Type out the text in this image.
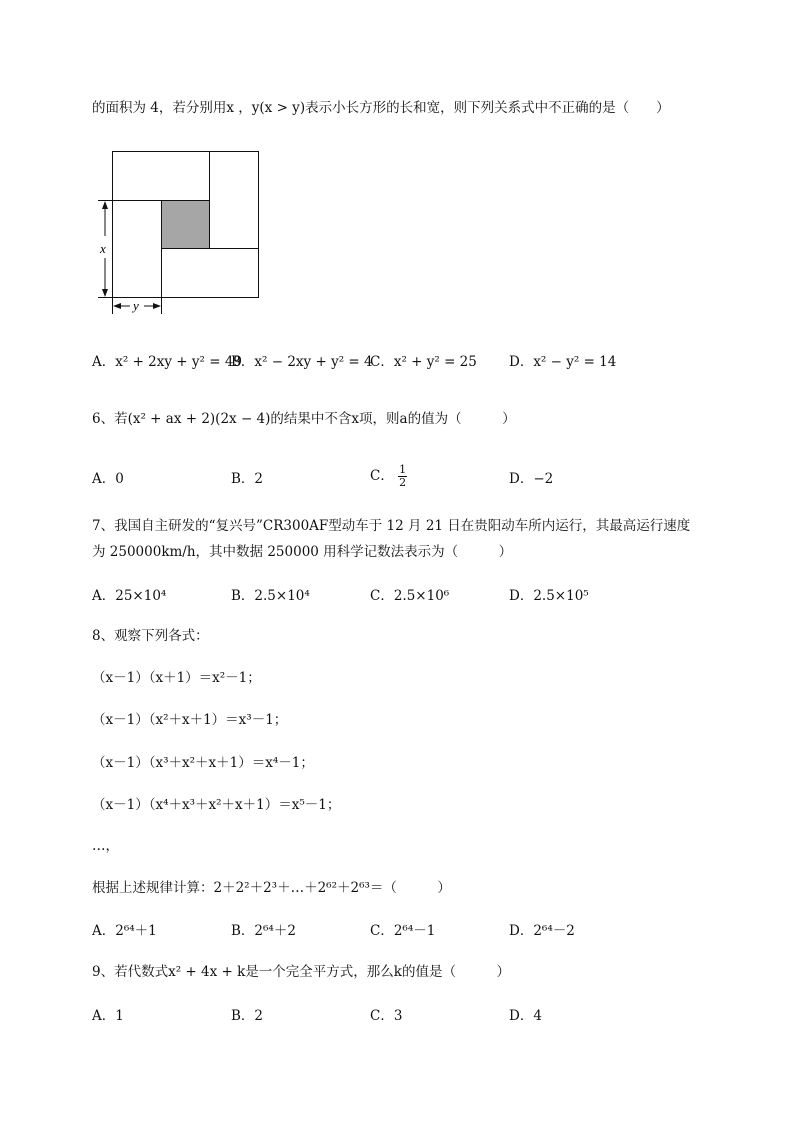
的面积为 4，若分别用x ，y(x > y)表示小长方形的长和宽，则下列关系式中不正确的是（　　）
x
y
A．x² + 2xy + y² = 49
B．x² − 2xy + y² = 4
C．x² + y² = 25 D．x² − y² = 14
6、若(x² + ax + 2)(2x − 4)的结果中不含x项，则a的值为（　　　）
A．0	B．2	C． $\frac{1}{2}$	D．−2
7、我国自主研发的“复兴号”CR300AF型动车于 12 月 21 日在贵阳动车所内运行，其最高运行速度
为 250000km/h，其中数据 250000 用科学记数法表示为（　　　）
A．25×10⁴	B．2.5×10⁴	C．2.5×10⁶	D．2.5×10⁵
8、观察下列各式：
（x－1）（x＋1）＝x²－1；
（x－1）（x²＋x＋1）＝x³－1；
（x－1）（x³＋x²＋x＋1）＝x⁴－1；
（x－1）（x⁴＋x³＋x²＋x＋1）＝x⁵－1；
…，
根据上述规律计算：2＋2²＋2³＋…＋2⁶²＋2⁶³＝（　　　）
A．2⁶⁴＋1	B．2⁶⁴＋2	C．2⁶⁴－1	D．2⁶⁴－2
9、若代数式x² + 4x + k是一个完全平方式，那么k的值是（　　　）
A．1	B．2	C．3	D．4
